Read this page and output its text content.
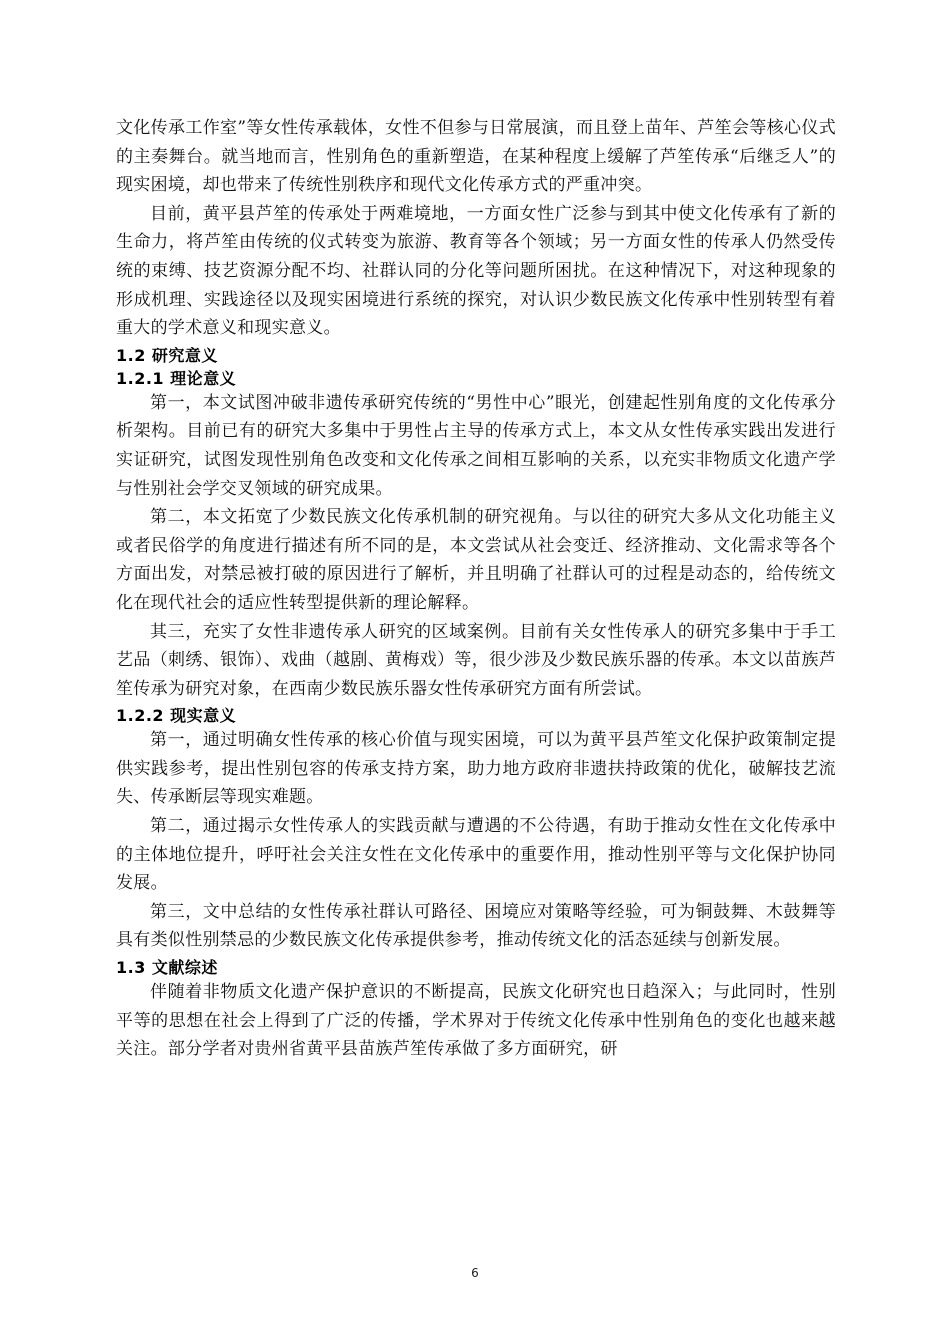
文化传承工作室”等女性传承载体，女性不但参与日常展演，而且登上苗年、芦笙会等核心仪式的主奏舞台。就当地而言，性别角色的重新塑造，在某种程度上缓解了芦笙传承“后继乏人”的现实困境，却也带来了传统性别秩序和现代文化传承方式的严重冲突。

目前，黄平县芦笙的传承处于两难境地，一方面女性广泛参与到其中使文化传承有了新的生命力，将芦笙由传统的仪式转变为旅游、教育等各个领域；另一方面女性的传承人仍然受传统的束缚、技艺资源分配不均、社群认同的分化等问题所困扰。在这种情况下，对这种现象的形成机理、实践途径以及现实困境进行系统的探究，对认识少数民族文化传承中性别转型有着重大的学术意义和现实意义。

1.2 研究意义
1.2.1 理论意义

第一，本文试图冲破非遗传承研究传统的“男性中心”眼光，创建起性别角度的文化传承分析架构。目前已有的研究大多集中于男性占主导的传承方式上，本文从女性传承实践出发进行实证研究，试图发现性别角色改变和文化传承之间相互影响的关系，以充实非物质文化遗产学与性别社会学交叉领域的研究成果。

第二，本文拓宽了少数民族文化传承机制的研究视角。与以往的研究大多从文化功能主义或者民俗学的角度进行描述有所不同的是，本文尝试从社会变迁、经济推动、文化需求等各个方面出发，对禁忌被打破的原因进行了解析，并且明确了社群认可的过程是动态的，给传统文化在现代社会的适应性转型提供新的理论解释。

其三，充实了女性非遗传承人研究的区域案例。目前有关女性传承人的研究多集中于手工艺品（刺绣、银饰）、戏曲（越剧、黄梅戏）等，很少涉及少数民族乐器的传承。本文以苗族芦笙传承为研究对象，在西南少数民族乐器女性传承研究方面有所尝试。

1.2.2 现实意义

第一，通过明确女性传承的核心价值与现实困境，可以为黄平县芦笙文化保护政策制定提供实践参考，提出性别包容的传承支持方案，助力地方政府非遗扶持政策的优化，破解技艺流失、传承断层等现实难题。

第二，通过揭示女性传承人的实践贡献与遭遇的不公待遇，有助于推动女性在文化传承中的主体地位提升，呼吁社会关注女性在文化传承中的重要作用，推动性别平等与文化保护协同发展。

第三，文中总结的女性传承社群认可路径、困境应对策略等经验，可为铜鼓舞、木鼓舞等具有类似性别禁忌的少数民族文化传承提供参考，推动传统文化的活态延续与创新发展。

1.3 文献综述

伴随着非物质文化遗产保护意识的不断提高，民族文化研究也日趋深入；与此同时，性别平等的思想在社会上得到了广泛的传播，学术界对于传统文化传承中性别角色的变化也越来越关注。部分学者对贵州省黄平县苗族芦笙传承做了多方面研究，研

6
